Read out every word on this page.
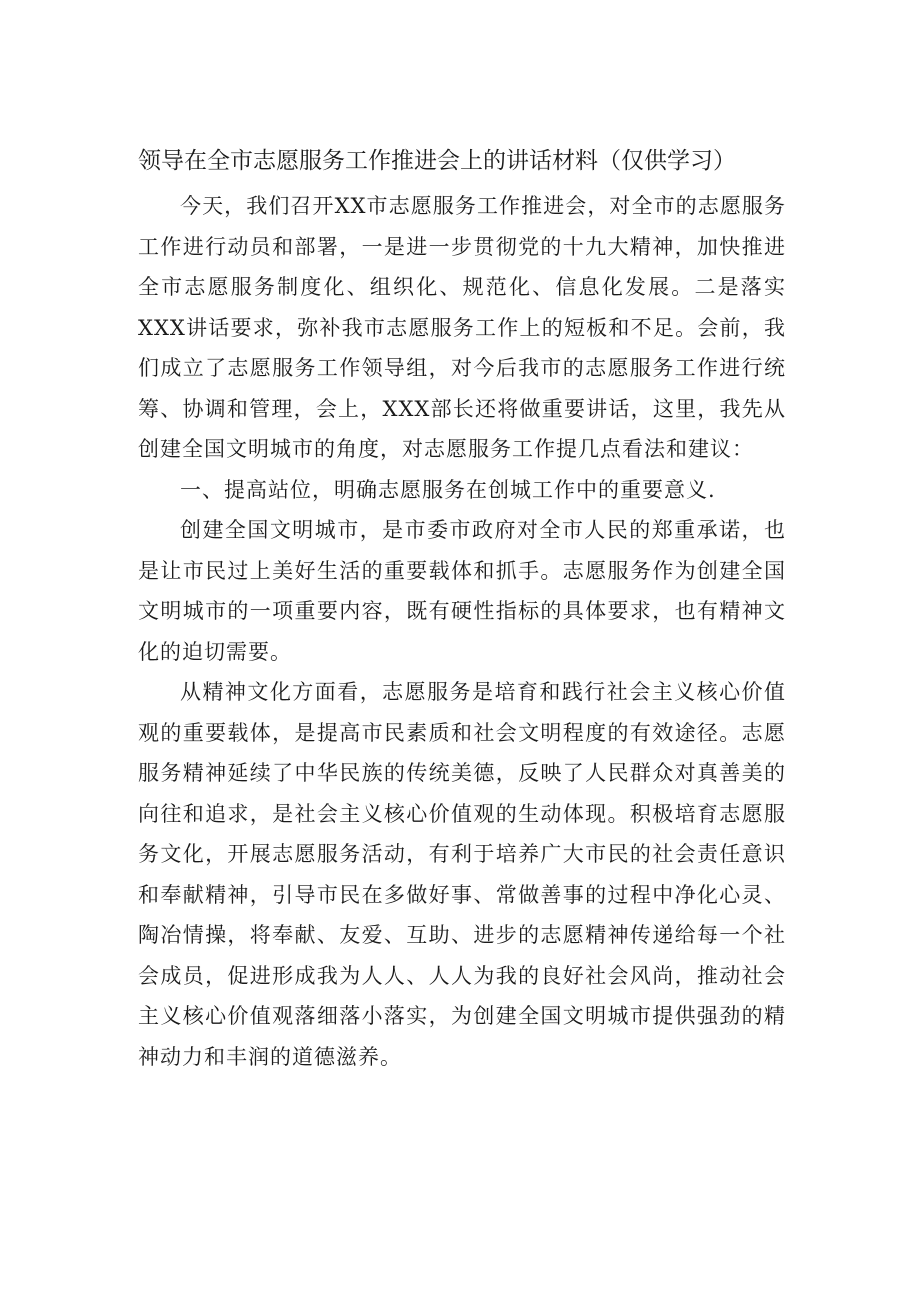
领导在全市志愿服务工作推进会上的讲话材料（仅供学习）

今天，我们召开XX市志愿服务工作推进会，对全市的志愿服务工作进行动员和部署，一是进一步贯彻党的十九大精神，加快推进全市志愿服务制度化、组织化、规范化、信息化发展。二是落实XXX讲话要求，弥补我市志愿服务工作上的短板和不足。会前，我们成立了志愿服务工作领导组，对今后我市的志愿服务工作进行统筹、协调和管理，会上，XXX部长还将做重要讲话，这里，我先从创建全国文明城市的角度，对志愿服务工作提几点看法和建议：

一、提高站位，明确志愿服务在创城工作中的重要意义.

创建全国文明城市，是市委市政府对全市人民的郑重承诺，也是让市民过上美好生活的重要载体和抓手。志愿服务作为创建全国文明城市的一项重要内容，既有硬性指标的具体要求，也有精神文化的迫切需要。

从精神文化方面看，志愿服务是培育和践行社会主义核心价值观的重要载体，是提高市民素质和社会文明程度的有效途径。志愿服务精神延续了中华民族的传统美德，反映了人民群众对真善美的向往和追求，是社会主义核心价值观的生动体现。积极培育志愿服务文化，开展志愿服务活动，有利于培养广大市民的社会责任意识和奉献精神，引导市民在多做好事、常做善事的过程中净化心灵、陶冶情操，将奉献、友爱、互助、进步的志愿精神传递给每一个社会成员，促进形成我为人人、人人为我的良好社会风尚，推动社会主义核心价值观落细落小落实，为创建全国文明城市提供强劲的精神动力和丰润的道德滋养。
